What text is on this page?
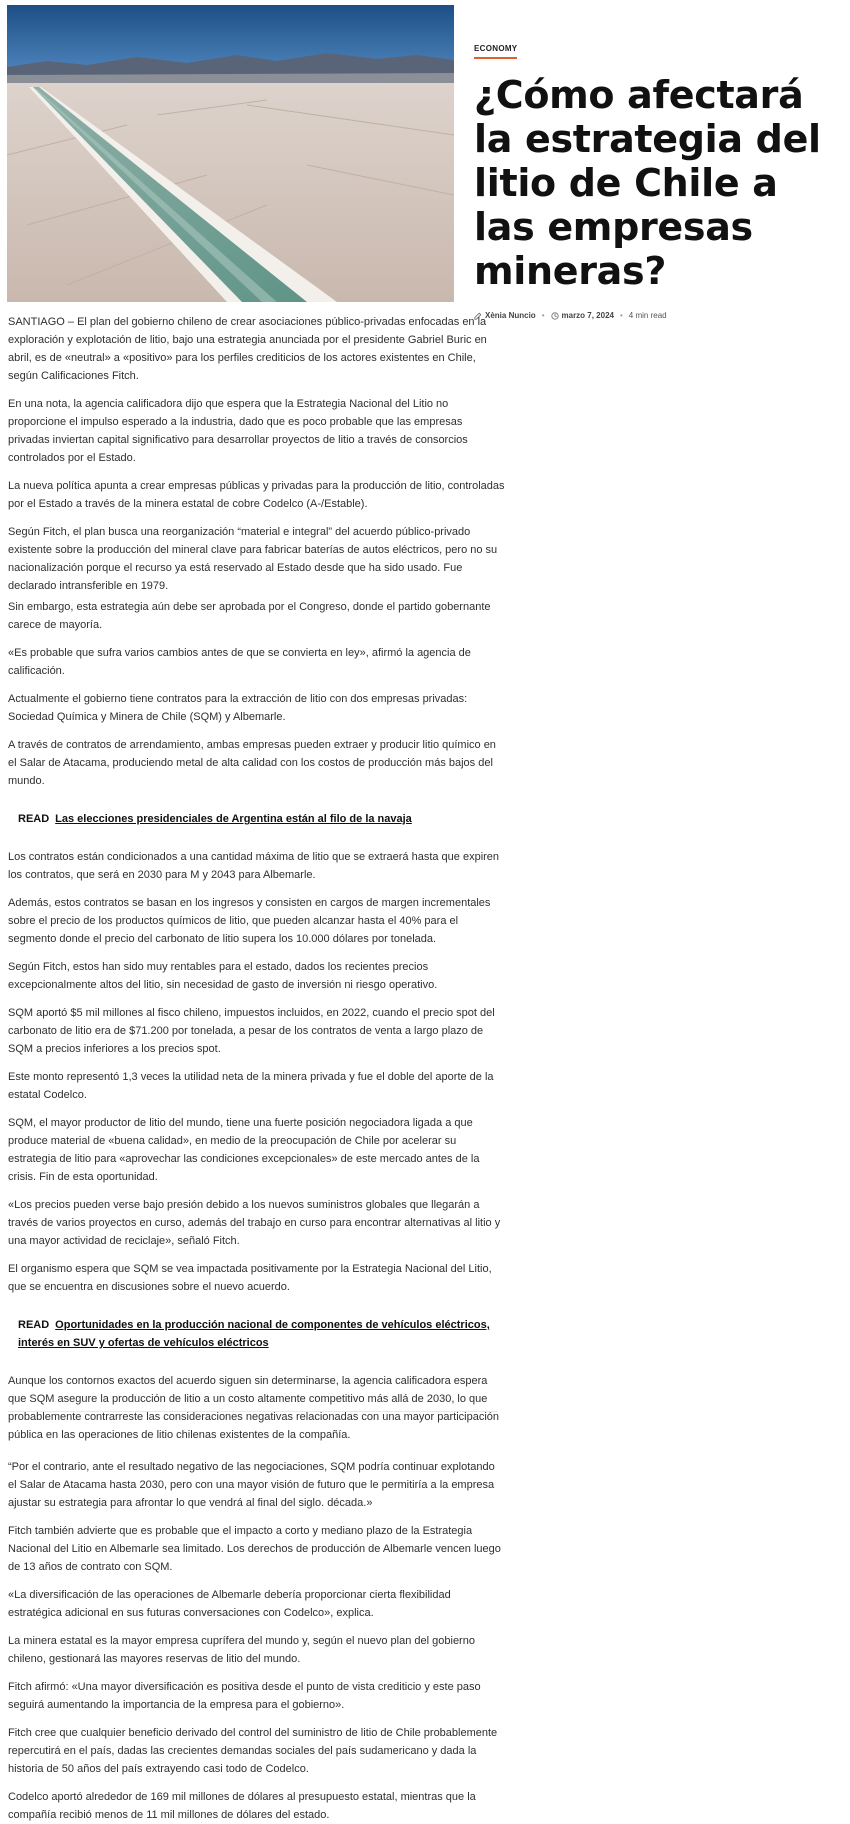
ECONOMY
¿Cómo afectará la estrategia del litio de Chile a las empresas mineras?
Xènia Nuncio • marzo 7, 2024 • 4 min read

SANTIAGO – El plan del gobierno chileno de crear asociaciones público-privadas enfocadas en la exploración y explotación de litio, bajo una estrategia anunciada por el presidente Gabriel Buric en abril, es de «neutral» a «positivo» para los perfiles crediticios de los actores existentes en Chile, según Calificaciones Fitch.

En una nota, la agencia calificadora dijo que espera que la Estrategia Nacional del Litio no proporcione el impulso esperado a la industria, dado que es poco probable que las empresas privadas inviertan capital significativo para desarrollar proyectos de litio a través de consorcios controlados por el Estado.

La nueva política apunta a crear empresas públicas y privadas para la producción de litio, controladas por el Estado a través de la minera estatal de cobre Codelco (A-/Estable).

Según Fitch, el plan busca una reorganización “material e integral” del acuerdo público-privado existente sobre la producción del mineral clave para fabricar baterías de autos eléctricos, pero no su nacionalización porque el recurso ya está reservado al Estado desde que ha sido usado. Fue declarado intransferible en 1979.

Sin embargo, esta estrategia aún debe ser aprobada por el Congreso, donde el partido gobernante carece de mayoría.

«Es probable que sufra varios cambios antes de que se convierta en ley», afirmó la agencia de calificación.

Actualmente el gobierno tiene contratos para la extracción de litio con dos empresas privadas: Sociedad Química y Minera de Chile (SQM) y Albemarle.

A través de contratos de arrendamiento, ambas empresas pueden extraer y producir litio químico en el Salar de Atacama, produciendo metal de alta calidad con los costos de producción más bajos del mundo.

READ Las elecciones presidenciales de Argentina están al filo de la navaja

Los contratos están condicionados a una cantidad máxima de litio que se extraerá hasta que expiren los contratos, que será en 2030 para M y 2043 para Albemarle.

Además, estos contratos se basan en los ingresos y consisten en cargos de margen incrementales sobre el precio de los productos químicos de litio, que pueden alcanzar hasta el 40% para el segmento donde el precio del carbonato de litio supera los 10.000 dólares por tonelada.

Según Fitch, estos han sido muy rentables para el estado, dados los recientes precios excepcionalmente altos del litio, sin necesidad de gasto de inversión ni riesgo operativo.

SQM aportó $5 mil millones al fisco chileno, impuestos incluidos, en 2022, cuando el precio spot del carbonato de litio era de $71.200 por tonelada, a pesar de los contratos de venta a largo plazo de SQM a precios inferiores a los precios spot.

Este monto representó 1,3 veces la utilidad neta de la minera privada y fue el doble del aporte de la estatal Codelco.

SQM, el mayor productor de litio del mundo, tiene una fuerte posición negociadora ligada a que produce material de «buena calidad», en medio de la preocupación de Chile por acelerar su estrategia de litio para «aprovechar las condiciones excepcionales» de este mercado antes de la crisis. Fin de esta oportunidad.

«Los precios pueden verse bajo presión debido a los nuevos suministros globales que llegarán a través de varios proyectos en curso, además del trabajo en curso para encontrar alternativas al litio y una mayor actividad de reciclaje», señaló Fitch.

El organismo espera que SQM se vea impactada positivamente por la Estrategia Nacional del Litio, que se encuentra en discusiones sobre el nuevo acuerdo.

READ Oportunidades en la producción nacional de componentes de vehículos eléctricos, interés en SUV y ofertas de vehículos eléctricos

Aunque los contornos exactos del acuerdo siguen sin determinarse, la agencia calificadora espera que SQM asegure la producción de litio a un costo altamente competitivo más allá de 2030, lo que probablemente contrarreste las consideraciones negativas relacionadas con una mayor participación pública en las operaciones de litio chilenas existentes de la compañía.

“Por el contrario, ante el resultado negativo de las negociaciones, SQM podría continuar explotando el Salar de Atacama hasta 2030, pero con una mayor visión de futuro que le permitiría a la empresa ajustar su estrategia para afrontar lo que vendrá al final del siglo. década.»

Fitch también advierte que es probable que el impacto a corto y mediano plazo de la Estrategia Nacional del Litio en Albemarle sea limitado. Los derechos de producción de Albemarle vencen luego de 13 años de contrato con SQM.

«La diversificación de las operaciones de Albemarle debería proporcionar cierta flexibilidad estratégica adicional en sus futuras conversaciones con Codelco», explica.

La minera estatal es la mayor empresa cuprífera del mundo y, según el nuevo plan del gobierno chileno, gestionará las mayores reservas de litio del mundo.

Fitch afirmó: «Una mayor diversificación es positiva desde el punto de vista crediticio y este paso seguirá aumentando la importancia de la empresa para el gobierno».

Fitch cree que cualquier beneficio derivado del control del suministro de litio de Chile probablemente repercutirá en el país, dadas las crecientes demandas sociales del país sudamericano y dada la historia de 50 años del país extrayendo casi todo de Codelco.

Codelco aportó alrededor de 169 mil millones de dólares al presupuesto estatal, mientras que la compañía recibió menos de 11 mil millones de dólares del estado.
